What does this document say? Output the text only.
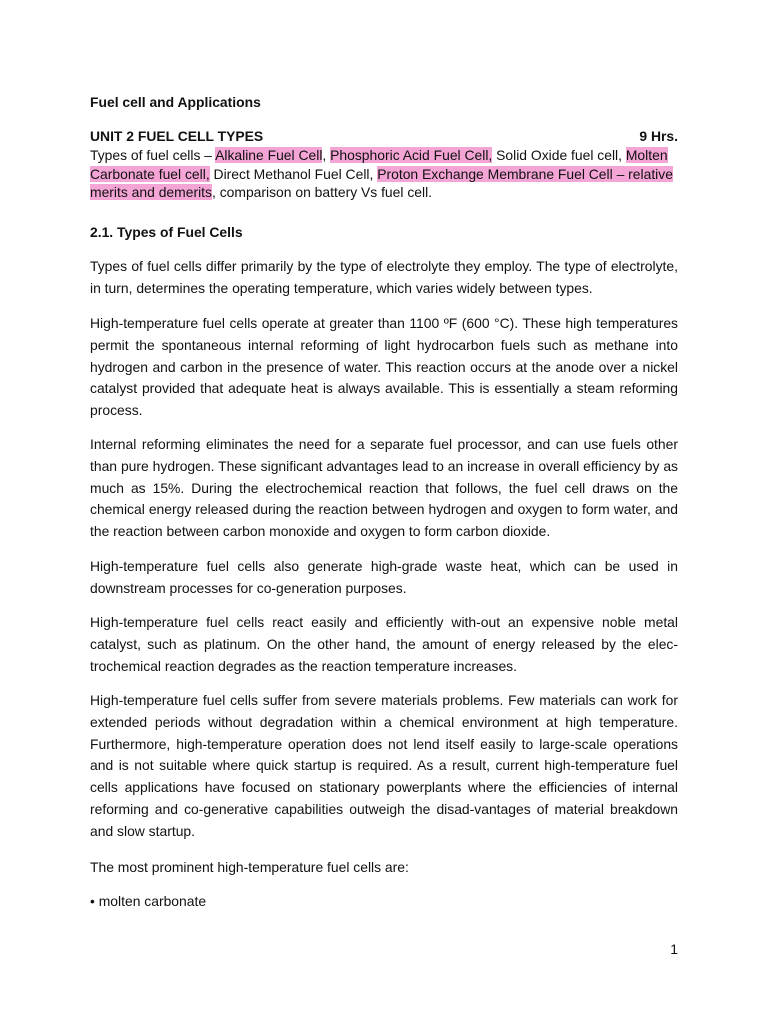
Fuel cell and Applications
UNIT 2 FUEL CELL TYPES	9 Hrs.
Types of fuel cells – Alkaline Fuel Cell, Phosphoric Acid Fuel Cell, Solid Oxide fuel cell, Molten Carbonate fuel cell, Direct Methanol Fuel Cell, Proton Exchange Membrane Fuel Cell – relative merits and demerits, comparison on battery Vs fuel cell.
2.1. Types of Fuel Cells

Types of fuel cells differ primarily by the type of electrolyte they employ. The type of electrolyte, in turn, determines the operating temperature, which varies widely between types.

High-temperature fuel cells operate at greater than 1100 ºF (600 °C). These high temperatures permit the spontaneous internal reforming of light hydrocarbon fuels such as methane into hydrogen and carbon in the presence of water. This reaction occurs at the anode over a nickel catalyst provided that adequate heat is always available. This is essentially a steam reforming process.

Internal reforming eliminates the need for a separate fuel processor, and can use fuels other than pure hydrogen. These significant advantages lead to an increase in overall efficiency by as much as 15%. During the electrochemical reaction that follows, the fuel cell draws on the chemical energy released during the reaction between hydrogen and oxygen to form water, and the reaction between carbon monoxide and oxygen to form carbon dioxide.

High-temperature fuel cells also generate high-grade waste heat, which can be used in downstream processes for co-generation purposes.

High-temperature fuel cells react easily and efficiently with-out an expensive noble metal catalyst, such as platinum. On the other hand, the amount of energy released by the elec-trochemical reaction degrades as the reaction temperature increases.

High-temperature fuel cells suffer from severe materials problems. Few materials can work for extended periods without degradation within a chemical environment at high temperature. Furthermore, high-temperature operation does not lend itself easily to large-scale operations and is not suitable where quick startup is required. As a result, current high-temperature fuel cells applications have focused on stationary powerplants where the efficiencies of internal reforming and co-generative capabilities outweigh the disad-vantages of material breakdown and slow startup.

The most prominent high-temperature fuel cells are:

• molten carbonate
1
